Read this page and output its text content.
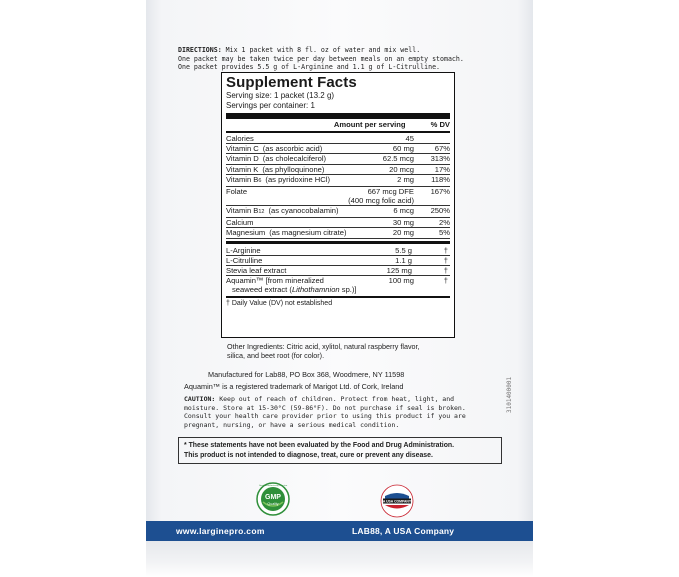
DIRECTIONS: Mix 1 packet with 8 fl. oz of water and mix well.
One packet may be taken twice per day between meals on an empty stomach.
One packet provides 5.5 g of L-Arginine and 1.1 g of L-Citrulline.
Supplement Facts
Serving size: 1 packet (13.2 g)
Servings per container: 1
Amount per serving	% DV
Calories	45
Vitamin C (as ascorbic acid)	60 mg	67%
Vitamin D (as cholecalciferol)	62.5 mcg	313%
Vitamin K (as phylloquinone)	20 mcg	17%
Vitamin B6 (as pyridoxine HCl)	2 mg	118%
Folate	667 mcg DFE	167%
(400 mcg folic acid)
Vitamin B12 (as cyanocobalamin)	6 mcg	250%
Calcium	30 mg	2%
Magnesium (as magnesium citrate)	20 mg	5%
L-Arginine	5.5 g	†
L-Citrulline	1.1 g	†
Stevia leaf extract	125 mg	†
Aquamin™ [from mineralized
seaweed extract (Lithothamnion sp.)]
100 mg	†
† Daily Value (DV) not established
Other Ingredients: Citric acid, xylitol, natural raspberry flavor,
silica, and beet root (for color).
Manufactured for Lab88, PO Box 368, Woodmere, NY 11598
Aquamin™ is a registered trademark of Marigot Ltd. of Cork, Ireland
CAUTION: Keep out of reach of children. Protect from heat, light, and
moisture. Store at 15-30°C (59-86°F). Do not purchase if seal is broken.
Consult your health care provider prior to using this product if you are
pregnant, nursing, or have a serious medical condition.
* These statements have not been evaluated by the Food and Drug Administration.
This product is not intended to diagnose, treat, cure or prevent any disease.
3101400001
GMP
Quality
Good Manufacturing Practice
A USA COMPANY
www.larginepro.com	LAB88, A USA Company
